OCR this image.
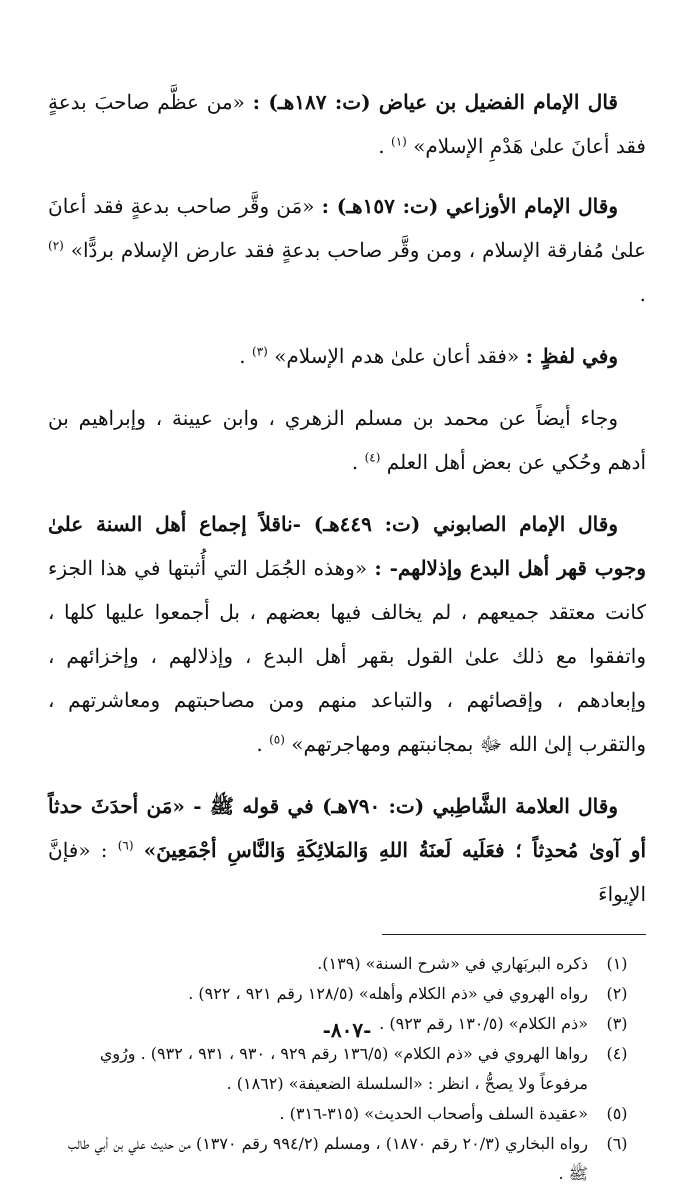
قال الإمام الفضيل بن عياض (ت: ١٨٧هـ) : «من عظَّم صاحبَ بدعةٍ فقد أعانَ علىٰ هَدْمِ الإسلام» $^{(١)}$ .

وقال الإمام الأوزاعي (ت: ١٥٧هـ) : «مَن وقَّر صاحب بدعةٍ فقد أعانَ علىٰ مُفارقة الإسلام ، ومن وقَّر صاحب بدعةٍ فقد عارض الإسلام بردًّا» $^{(٢)}$ .

وفي لفظٍ : «فقد أعان علىٰ هدم الإسلام» $^{(٣)}$ .

وجاء أيضاً عن محمد بن مسلم الزهري ، وابن عيينة ، وإبراهيم بن أدهم وحُكي عن بعض أهل العلم $^{(٤)}$ .

وقال الإمام الصابوني (ت: ٤٤٩هـ) -ناقلاً إجماع أهل السنة علىٰ وجوب قهر أهل البدع وإذلالهم- : «وهذه الجُمَل التي أُثبتها في هذا الجزء كانت معتقد جميعهم ، لم يخالف فيها بعضهم ، بل أجمعوا عليها كلها ، واتفقوا مع ذلك علىٰ القول بقهر أهل البدع ، وإذلالهم ، وإخزائهم ، وإبعادهم ، وإقصائهم ، والتباعد منهم ومن مصاحبتهم ومعاشرتهم ، والتقرب إلىٰ الله ﷻ بمجانبتهم ومهاجرتهم» $^{(٥)}$ .

وقال العلامة الشَّاطِبي (ت: ٧٩٠هـ) في قوله ﷺ - «مَن أحدَثَ حدثاً أو آوىٰ مُحدِثاً ؛ فعَلَيه لَعنَةُ اللهِ وَالمَلائِكَةِ وَالنَّاسِ أجْمَعِينَ» $^{(٦)}$ : «فإنَّ الإيواءَ

(١)
ذكره البربَهاري في «شرح السنة» (١٣٩).
(٢)
رواه الهروي في «ذم الكلام وأهله» (١٢٨/٥ رقم ٩٢١ ، ٩٢٢) .
(٣)
«ذم الكلام» (١٣٠/٥ رقم ٩٢٣) .
(٤)
رواها الهروي في «ذم الكلام» (١٣٦/٥ رقم ٩٢٩ ، ٩٣٠ ، ٩٣١ ، ٩٣٢) . ورُوي مرفوعاً ولا يصحُّ ، انظر : «السلسلة الضعيفة» (١٨٦٢) .
(٥)
«عقيدة السلف وأصحاب الحديث» (٣١٥-٣١٦) .
(٦)
رواه البخاري (٢٠/٣ رقم ١٨٧٠) ، ومسلم (٩٩٤/٢ رقم ١٣٧٠) من حديث علي بن أبي طالب ﷺ .
-٨٠٧-
